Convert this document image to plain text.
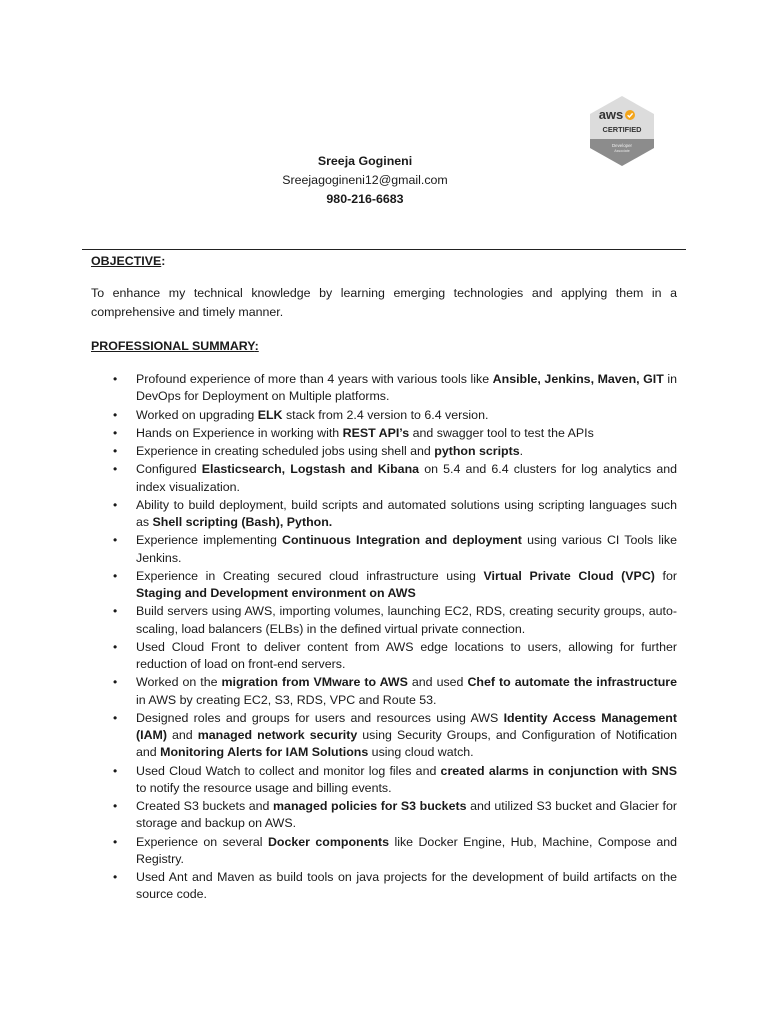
aws
CERTIFIED
Developer
Associate
Sreeja Gogineni
Sreejagogineni12@gmail.com
980-216-6683
OBJECTIVE:
To enhance my technical knowledge by learning emerging technologies and applying them in a comprehensive and timely manner.
PROFESSIONAL SUMMARY:
• Profound experience of more than 4 years with various tools like Ansible, Jenkins, Maven, GIT in DevOps for Deployment on Multiple platforms.
• Worked on upgrading ELK stack from 2.4 version to 6.4 version.
• Hands on Experience in working with REST API’s and swagger tool to test the APIs
• Experience in creating scheduled jobs using shell and python scripts.
• Configured Elasticsearch, Logstash and Kibana on 5.4 and 6.4 clusters for log analytics and index visualization.
• Ability to build deployment, build scripts and automated solutions using scripting languages such as Shell scripting (Bash), Python.
• Experience implementing Continuous Integration and deployment using various CI Tools like Jenkins.
• Experience in Creating secured cloud infrastructure using Virtual Private Cloud (VPC) for Staging and Development environment on AWS
• Build servers using AWS, importing volumes, launching EC2, RDS, creating security groups, auto-scaling, load balancers (ELBs) in the defined virtual private connection.
• Used Cloud Front to deliver content from AWS edge locations to users, allowing for further reduction of load on front-end servers.
• Worked on the migration from VMware to AWS and used Chef to automate the infrastructure in AWS by creating EC2, S3, RDS, VPC and Route 53.
• Designed roles and groups for users and resources using AWS Identity Access Management (IAM) and managed network security using Security Groups, and Configuration of Notification and Monitoring Alerts for IAM Solutions using cloud watch.
• Used Cloud Watch to collect and monitor log files and created alarms in conjunction with SNS to notify the resource usage and billing events.
• Created S3 buckets and managed policies for S3 buckets and utilized S3 bucket and Glacier for storage and backup on AWS.
• Experience on several Docker components like Docker Engine, Hub, Machine, Compose and Registry.
• Used Ant and Maven as build tools on java projects for the development of build artifacts on the source code.
